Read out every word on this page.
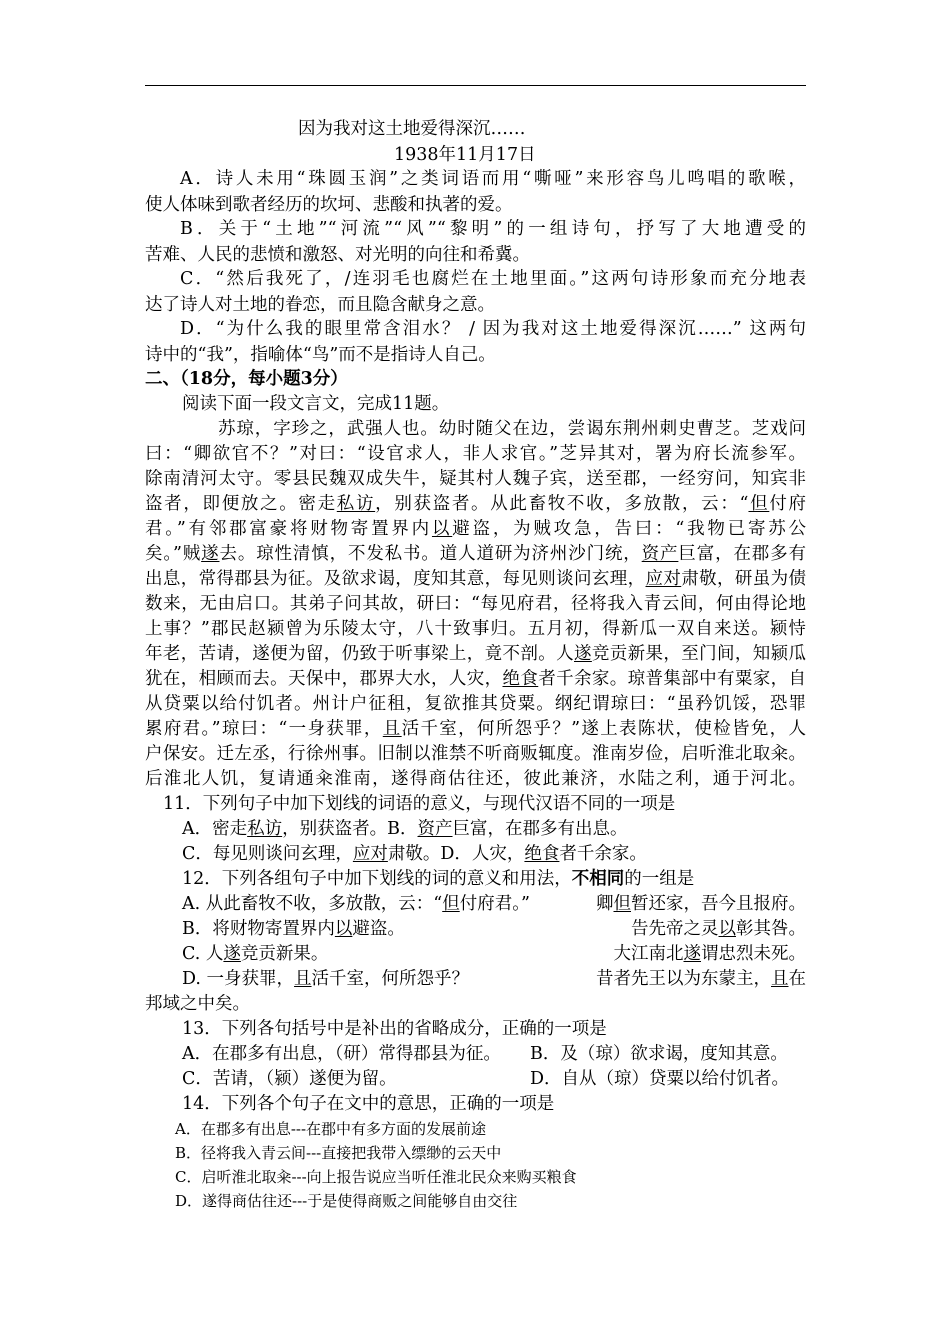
因为我对这土地爱得深沉……
1938年11月17日
A．诗人未用“珠圆玉润”之类词语而用“嘶哑”来形容鸟儿鸣唱的歌喉，
使人体味到歌者经历的坎坷、悲酸和执著的爱。
B．关于“土地”“河流”“风”“黎明”的一组诗句，抒写了大地遭受的
苦难、人民的悲愤和激怒、对光明的向往和希冀。
C．“然后我死了，/连羽毛也腐烂在土地里面。”这两句诗形象而充分地表
达了诗人对土地的眷恋，而且隐含献身之意。
D．“为什么我的眼里常含泪水？ / 因为我对这土地爱得深沉……” 这两句
诗中的“我”，指喻体“鸟”而不是指诗人自己。
二、（18分，每小题3分）
阅读下面一段文言文，完成11题。
苏琼，字珍之，武强人也。幼时随父在边，尝谒东荆州刺史曹芝。芝戏问
曰：“卿欲官不？”对曰：“设官求人，非人求官。”芝异其对，署为府长流参军。
除南清河太守。零县民魏双成失牛，疑其村人魏子宾，送至郡，一经穷问，知宾非
盗者，即便放之。密走私访，别获盗者。从此畜牧不收，多放散，云：“但付府
君。”有邻郡富豪将财物寄置界内以避盗，为贼攻急，告曰：“我物已寄苏公
矣。”贼遂去。琼性清慎，不发私书。道人道研为济州沙门统，资产巨富，在郡多有
出息，常得郡县为征。及欲求谒，度知其意，每见则谈问玄理，应对肃敬，研虽为债
数来，无由启口。其弟子问其故，研曰：“每见府君，径将我入青云间，何由得论地
上事？”郡民赵颍曾为乐陵太守，八十致事归。五月初，得新瓜一双自来送。颍恃
年老，苦请，遂便为留，仍致于听事梁上，竟不剖。人遂竞贡新果，至门间，知颍瓜
犹在，相顾而去。天保中，郡界大水，人灾，绝食者千余家。琼普集部中有粟家，自
从贷粟以给付饥者。州计户征租，复欲推其贷粟。纲纪谓琼曰：“虽矜饥馁，恐罪
累府君。”琼曰：“一身获罪，且活千室，何所怨乎？”遂上表陈状，使检皆免，人
户保安。迁左丞，行徐州事。旧制以淮禁不听商贩辄度。淮南岁俭，启听淮北取籴。
后淮北人饥，复请通籴淮南，遂得商估往还，彼此兼济，水陆之利，通于河北。
11．下列句子中加下划线的词语的意义，与现代汉语不同的一项是
A．密走私访，别获盗者。B．资产巨富，在郡多有出息。
C．每见则谈问玄理，应对肃敬。D．人灾，绝食者千余家。
12．下列各组句子中加下划线的词的意义和用法，不相同的一组是
A. 从此畜牧不收，多放散，云：“但付府君。”	卿但暂还家，吾今且报府。
B．将财物寄置界内以避盗。	告先帝之灵以彰其咎。
C. 人遂竞贡新果。	大江南北遂谓忠烈未死。
D. 一身获罪，且活千室，何所怨乎？	昔者先王以为东蒙主，且在
邦域之中矣。
13．下列各句括号中是补出的省略成分，正确的一项是
A．在郡多有出息，（研）常得郡县为征。 B．及（琼）欲求谒，度知其意。
C．苦请，（颍）遂便为留。	D．自从（琼）贷粟以给付饥者。
14．下列各个句子在文中的意思，正确的一项是
A．在郡多有出息---在郡中有多方面的发展前途
B．径将我入青云间---直接把我带入缥缈的云天中
C．启听淮北取籴---向上报告说应当听任淮北民众来购买粮食
D．遂得商估往还---于是使得商贩之间能够自由交往
